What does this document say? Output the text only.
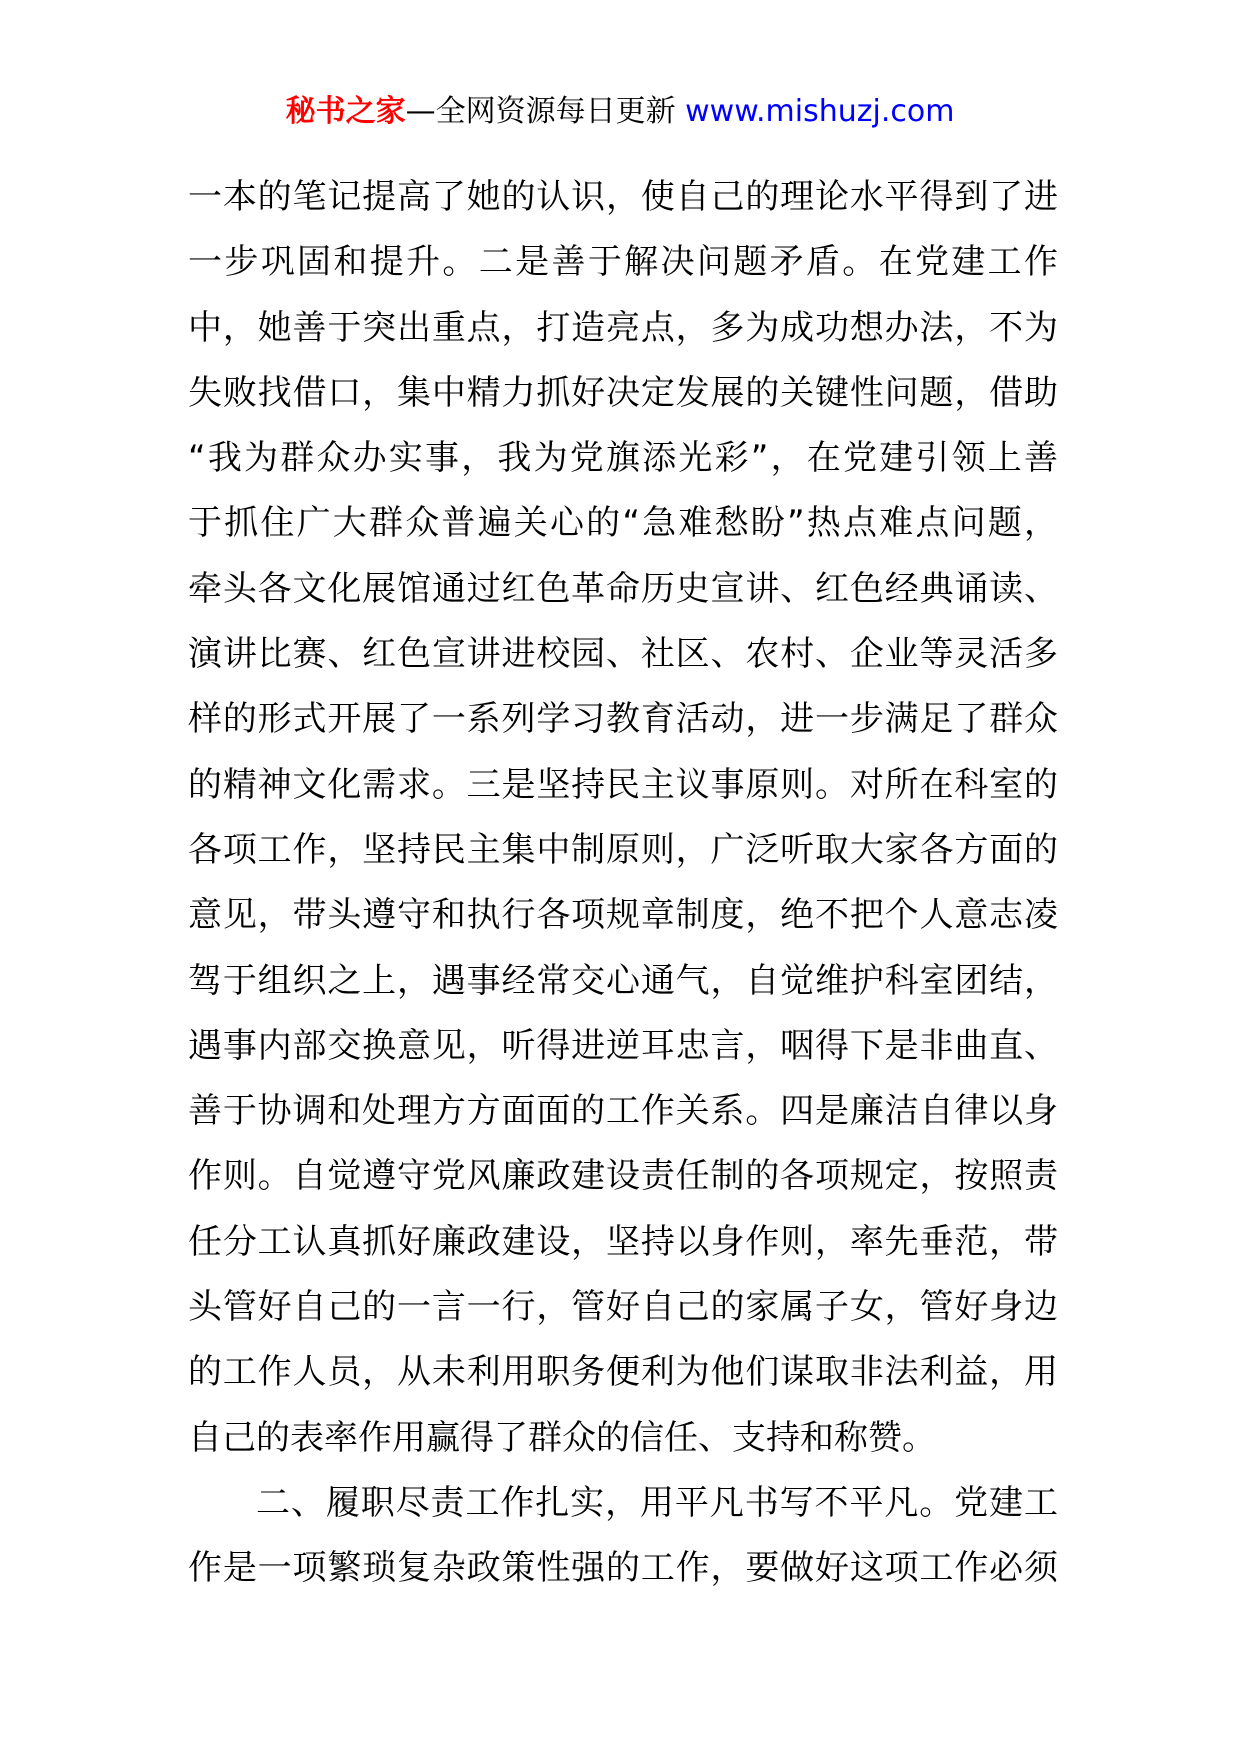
秘书之家—全网资源每日更新 www.mishuzj.com
一本的笔记提高了她的认识，使自己的理论水平得到了进
一步巩固和提升。二是善于解决问题矛盾。在党建工作
中，她善于突出重点，打造亮点，多为成功想办法，不为
失败找借口，集中精力抓好决定发展的关键性问题，借助
“我为群众办实事，我为党旗添光彩”，在党建引领上善
于抓住广大群众普遍关心的“急难愁盼”热点难点问题，
牵头各文化展馆通过红色革命历史宣讲、红色经典诵读、
演讲比赛、红色宣讲进校园、社区、农村、企业等灵活多
样的形式开展了一系列学习教育活动，进一步满足了群众
的精神文化需求。三是坚持民主议事原则。对所在科室的
各项工作，坚持民主集中制原则，广泛听取大家各方面的
意见，带头遵守和执行各项规章制度，绝不把个人意志凌
驾于组织之上，遇事经常交心通气，自觉维护科室团结，
遇事内部交换意见，听得进逆耳忠言，咽得下是非曲直、
善于协调和处理方方面面的工作关系。四是廉洁自律以身
作则。自觉遵守党风廉政建设责任制的各项规定，按照责
任分工认真抓好廉政建设，坚持以身作则，率先垂范，带
头管好自己的一言一行，管好自己的家属子女，管好身边
的工作人员，从未利用职务便利为他们谋取非法利益，用
自己的表率作用赢得了群众的信任、支持和称赞。
二、履职尽责工作扎实，用平凡书写不平凡。党建工
作是一项繁琐复杂政策性强的工作，要做好这项工作必须
